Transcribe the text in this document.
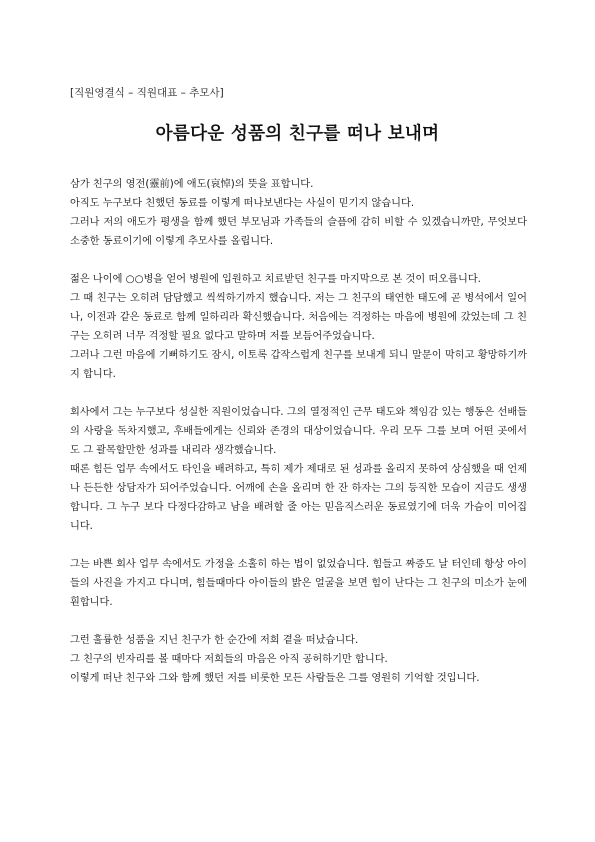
[직원영결식 – 직원대표 – 추모사]
아름다운 성품의 친구를 떠나 보내며

삼가 친구의 영전(靈前)에 애도(哀悼)의 뜻을 표합니다.

아직도 누구보다 친했던 동료를 이렇게 떠나보낸다는 사실이 믿기지 않습니다.

그러나 저의 애도가 평생을 함께 했던 부모님과 가족들의 슬픔에 감히 비할 수 있겠습니까만, 무엇보다 소중한 동료이기에 이렇게 추모사를 올립니다.

젊은 나이에 ○○병을 얻어 병원에 입원하고 치료받던 친구를 마지막으로 본 것이 떠오릅니다.

그 때 친구는 오히려 담담했고 씩씩하기까지 했습니다. 저는 그 친구의 태연한 태도에 곧 병석에서 일어나, 이전과 같은 동료로 함께 일하리라 확신했습니다. 처음에는 걱정하는 마음에 병원에 갔었는데 그 친구는 오히려 너무 걱정할 필요 없다고 말하며 저를 보듬어주었습니다.

그러나 그런 마음에 기뻐하기도 잠시, 이토록 갑작스럽게 친구를 보내게 되니 말문이 막히고 황망하기까지 합니다.

회사에서 그는 누구보다 성실한 직원이었습니다. 그의 열정적인 근무 태도와 책임감 있는 행동은 선배들의 사랑을 독차지했고, 후배들에게는 신뢰와 존경의 대상이었습니다. 우리 모두 그를 보며 어떤 곳에서도 그 괄목할만한 성과를 내리라 생각했습니다.

때론 힘든 업무 속에서도 타인을 배려하고, 특히 제가 제대로 된 성과를 올리지 못하여 상심했을 때 언제나 든든한 상담자가 되어주었습니다. 어깨에 손을 올리며 한 잔 하자는 그의 등직한 모습이 지금도 생생합니다. 그 누구 보다 다정다감하고 남을 배려할 줄 아는 믿음직스러운 동료였기에 더욱 가슴이 미어집니다.

그는 바쁜 회사 업무 속에서도 가정을 소홀히 하는 법이 없었습니다. 힘들고 짜증도 날 터인데 항상 아이들의 사진을 가지고 다니며, 힘들때마다 아이들의 밝은 얼굴을 보면 힘이 난다는 그 친구의 미소가 눈에 훤합니다.

그런 훌륭한 성품을 지닌 친구가 한 순간에 저희 곁을 떠났습니다.

그 친구의 빈자리를 볼 때마다 저희들의 마음은 아직 공허하기만 합니다.

이렇게 떠난 친구와 그와 함께 했던 저를 비롯한 모든 사람들은 그를 영원히 기억할 것입니다.
